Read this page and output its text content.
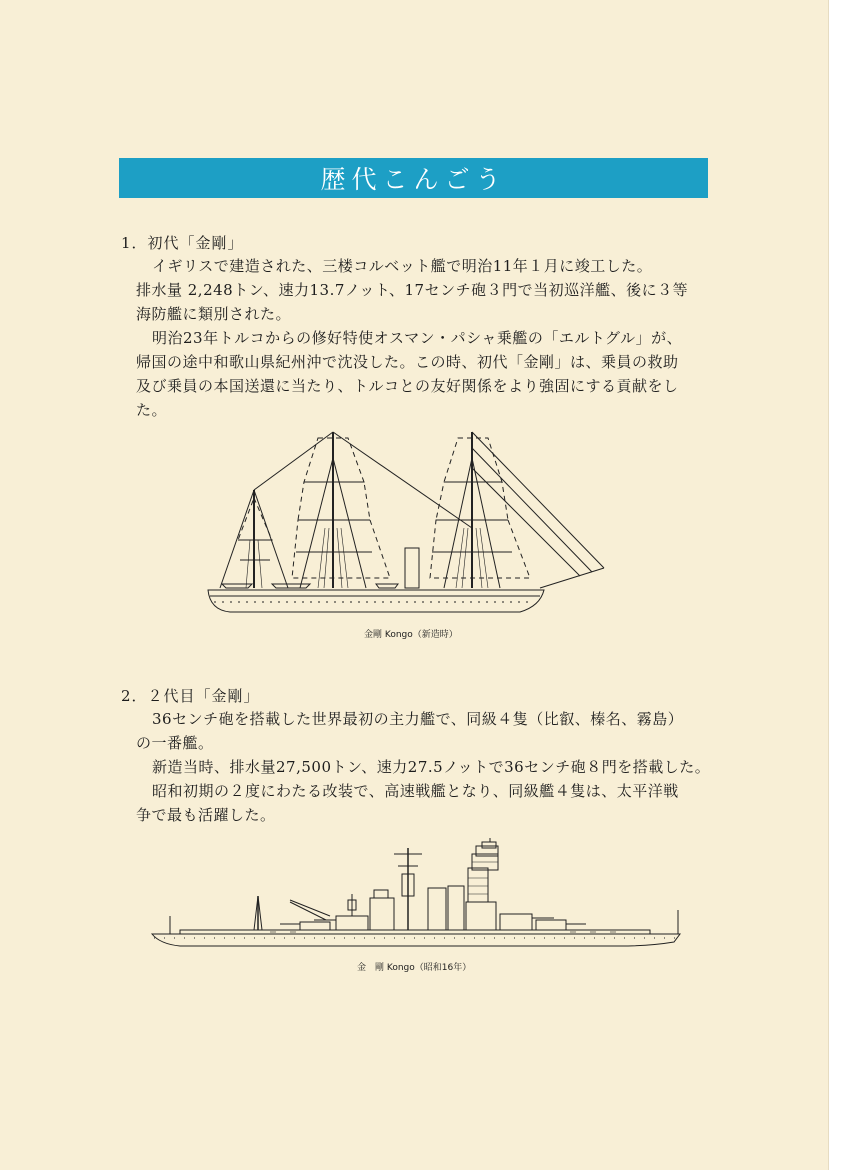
歴代こんごう
1．初代「金剛」

イギリスで建造された、三楼コルベット艦で明治11年１月に竣工した。

排水量 2,248トン、速力13.7ノット、17センチ砲３門で当初巡洋艦、後に３等

海防艦に類別された。

明治23年トルコからの修好特使オスマン・パシャ乗艦の「エルトグル」が、

帰国の途中和歌山県紀州沖で沈没した。この時、初代「金剛」は、乗員の救助

及び乗員の本国送還に当たり、トルコとの友好関係をより強固にする貢献をし

た。

金剛 Kongo（新造時）
2．２代目「金剛」

36センチ砲を搭載した世界最初の主力艦で、同級４隻（比叡、榛名、霧島）

の一番艦。

新造当時、排水量27,500トン、速力27.5ノットで36センチ砲８門を搭載した。

昭和初期の２度にわたる改装で、高速戦艦となり、同級艦４隻は、太平洋戦

争で最も活躍した。

金　剛 Kongo（昭和16年）
